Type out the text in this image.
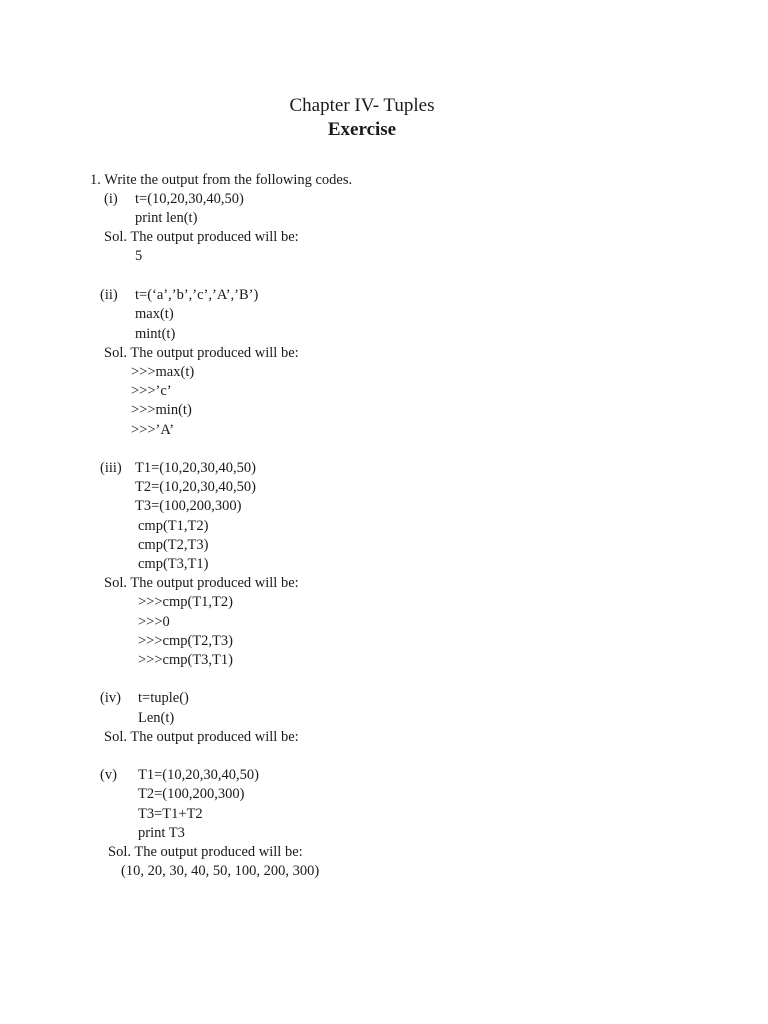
Chapter IV- Tuples
Exercise
1. Write the output from the following codes.
(i) t=(10,20,30,40,50)
print len(t)
Sol. The output produced will be:
5
(ii) t=(‘a’,’b’,’c’,’A’,’B’)
max(t)
mint(t)
Sol. The output produced will be:
>>>max(t)
>>>’c’
>>>min(t)
>>>’A’
(iii) T1=(10,20,30,40,50)
T2=(10,20,30,40,50)
T3=(100,200,300)
cmp(T1,T2)
cmp(T2,T3)
cmp(T3,T1)
Sol. The output produced will be:
>>>cmp(T1,T2)
>>>0
>>>cmp(T2,T3)
>>>cmp(T3,T1)
(iv) t=tuple()
Len(t)
Sol. The output produced will be:
(v) T1=(10,20,30,40,50)
T2=(100,200,300)
T3=T1+T2
print T3
Sol. The output produced will be:
(10, 20, 30, 40, 50, 100, 200, 300)
